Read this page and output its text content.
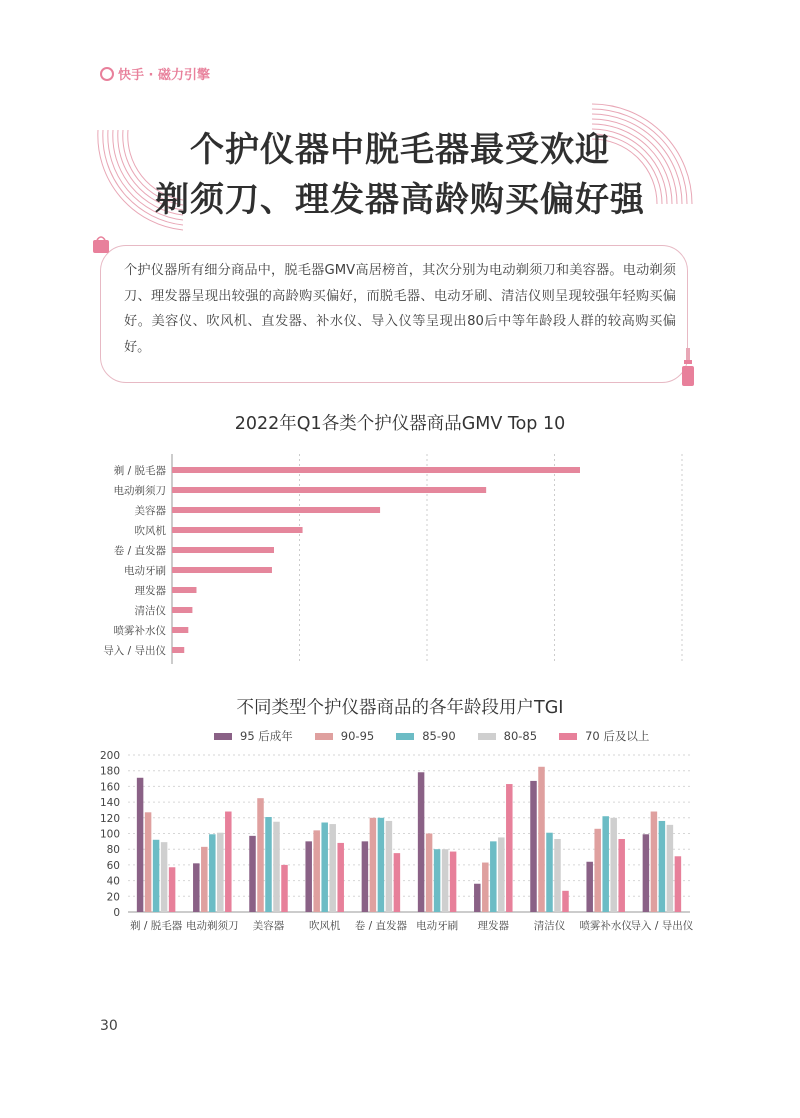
快手 · 磁力引擎
个护仪器中脱毛器最受欢迎
剃须刀、理发器高龄购买偏好强

个护仪器所有细分商品中，脱毛器GMV高居榜首，其次分别为电动剃须刀和美容器。电动剃须刀、理发器呈现出较强的高龄购买偏好，而脱毛器、电动牙刷、清洁仪则呈现较强年轻购买偏好。美容仪、吹风机、直发器、补水仪、导入仪等呈现出80后中等年龄段人群的较高购买偏好。

2022年Q1各类个护仪器商品GMV Top 10
剃 / 脱毛器
电动剃须刀
美容器
吹风机
卷 / 直发器
电动牙刷
理发器
清洁仪
喷雾补水仪
导入 / 导出仪
不同类型个护仪器商品的各年龄段用户TGI
95 后成年	90-95	85-90	80-85	70 后及以上
0
20
40
60
80
100
120
140
160
180
200
剃 / 脱毛器 电动剃须刀 美容器 吹风机 卷 / 直发器 电动牙刷 理发器 清洁仪 喷雾补水仪
导入 / 导出仪
30
